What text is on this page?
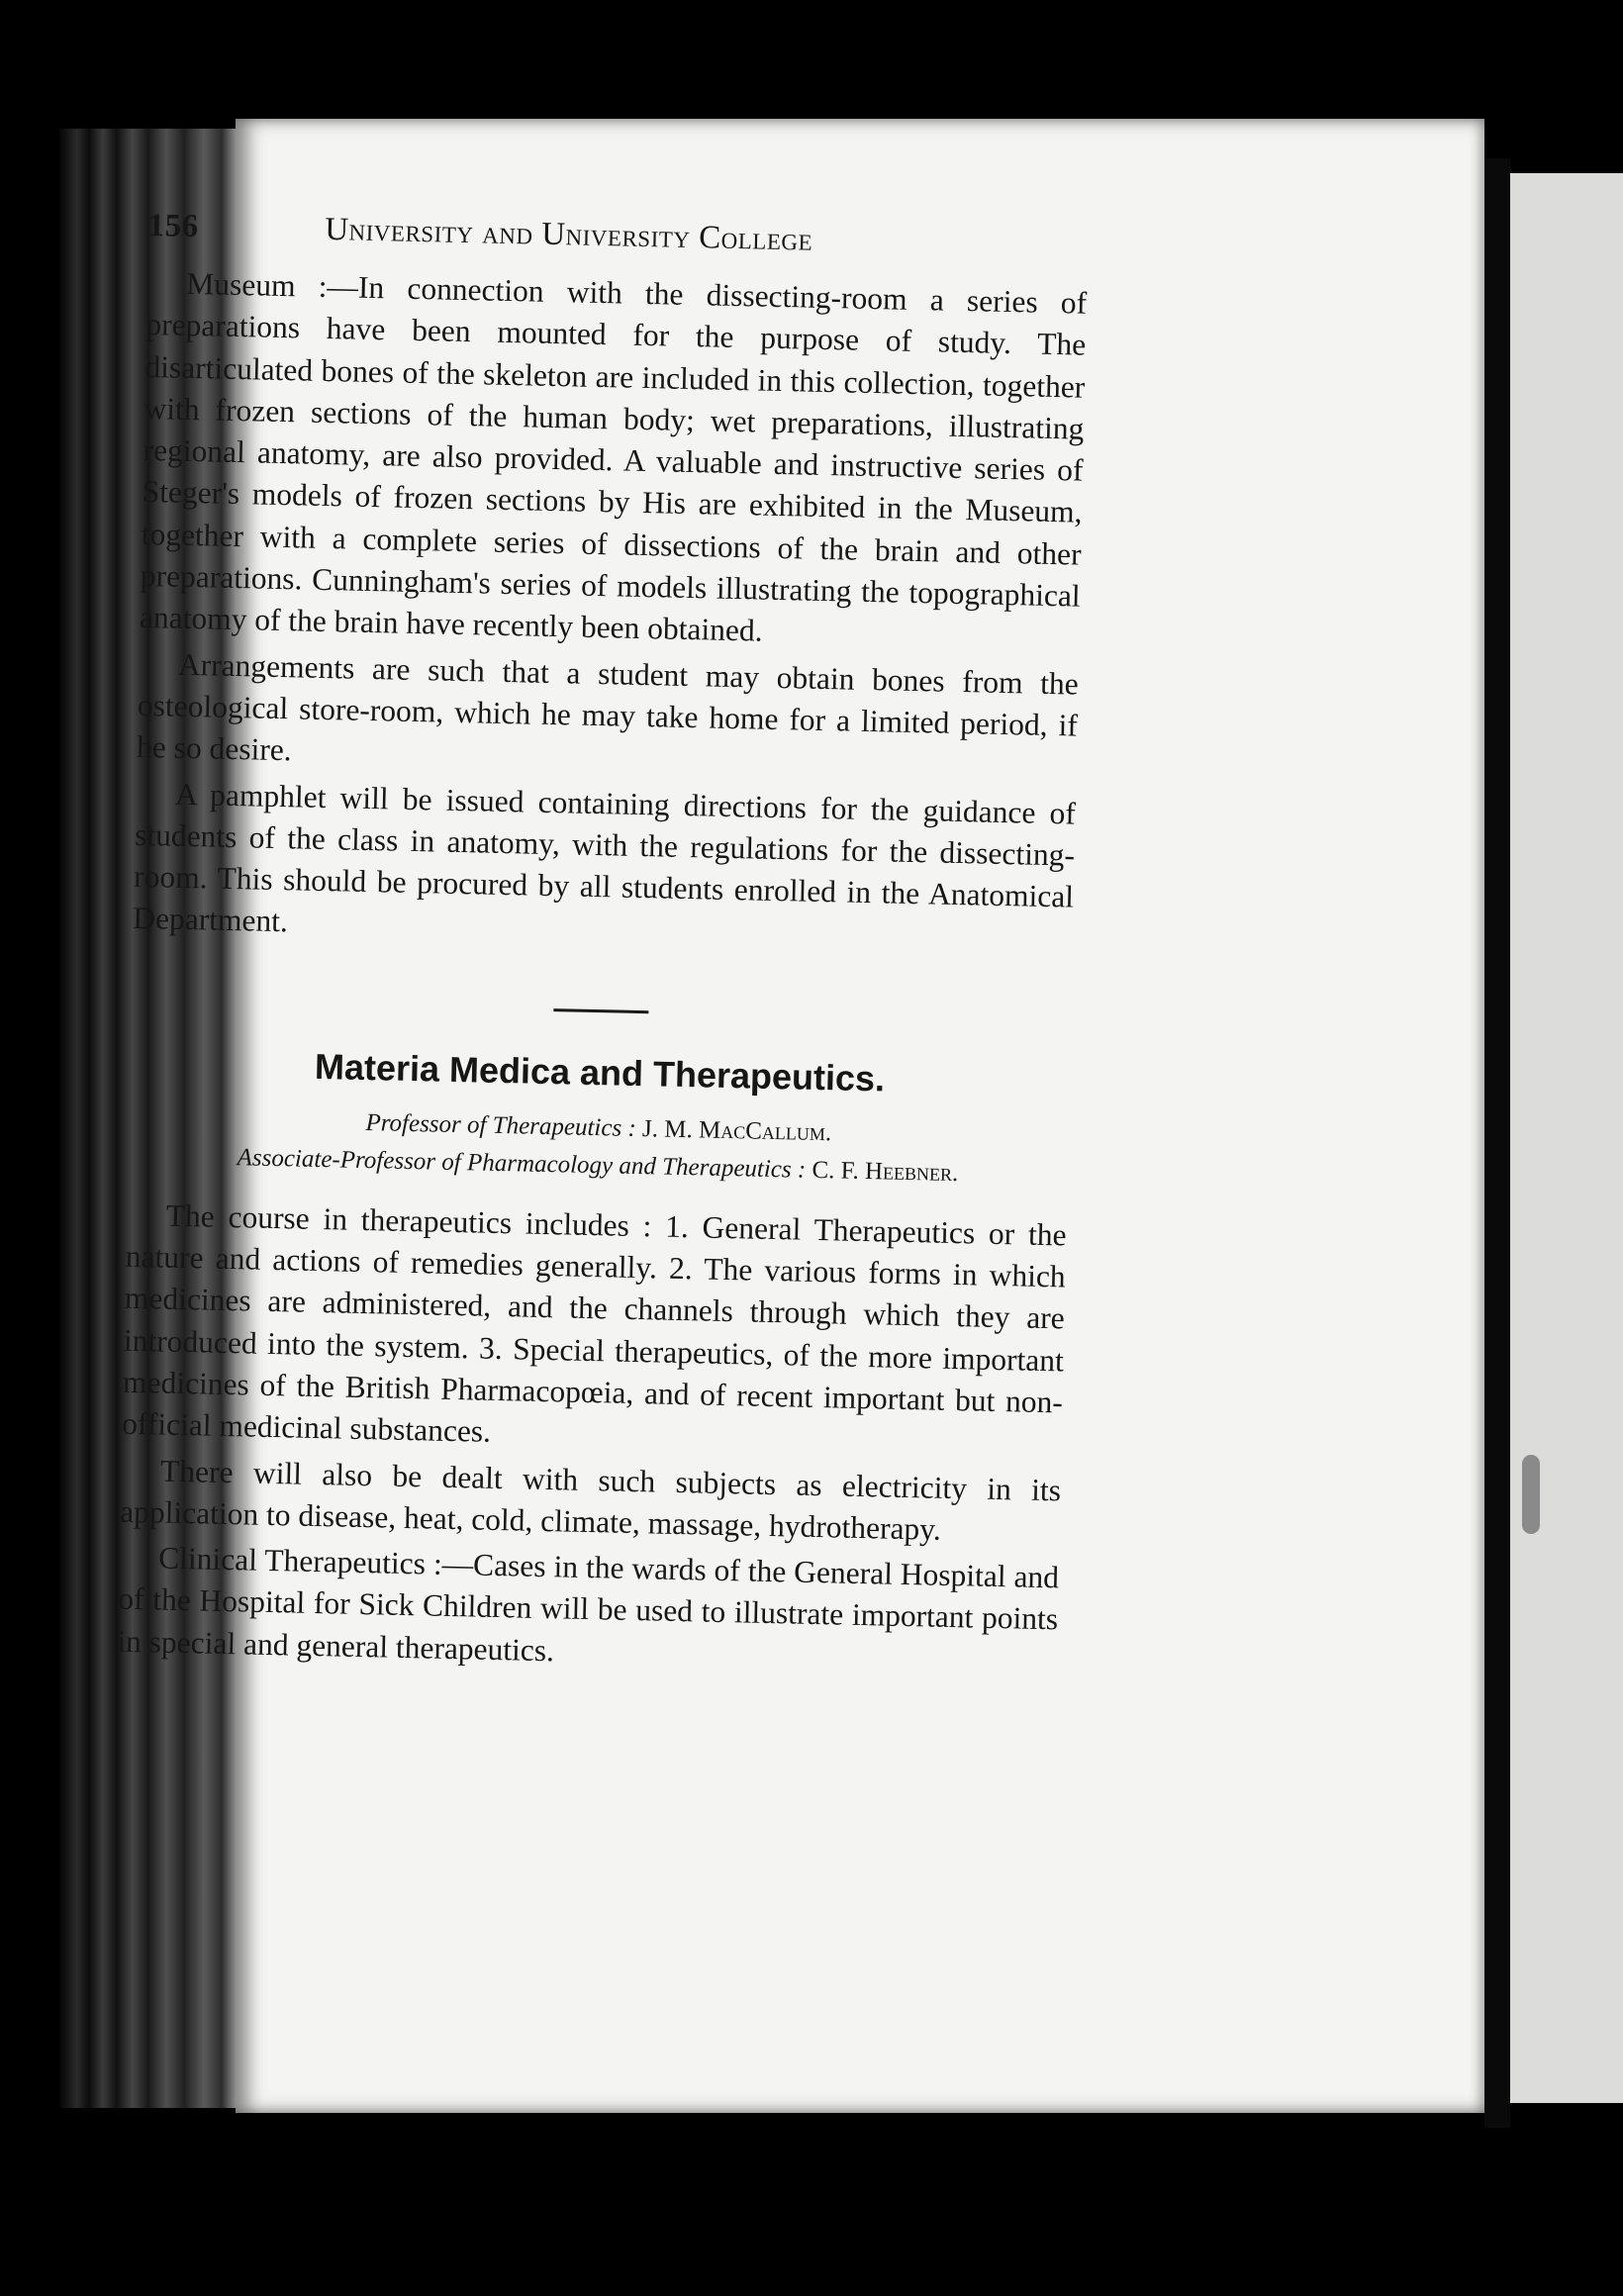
156	University and University College

Museum :—In connection with the dissecting-room a series of preparations have been mounted for the purpose of study. The disarticulated bones of the skeleton are included in this collection, together with frozen sections of the human body; wet preparations, illustrating regional anatomy, are also provided. A valuable and instructive series of Steger's models of frozen sections by His are exhibited in the Museum, together with a complete series of dissections of the brain and other preparations. Cunningham's series of models illustrating the topographical anatomy of the brain have recently been obtained.

Arrangements are such that a student may obtain bones from the osteological store-room, which he may take home for a limited period, if he so desire.

A pamphlet will be issued containing directions for the guidance of students of the class in anatomy, with the regulations for the dissecting-room. This should be procured by all students enrolled in the Anatomical Department.

Materia Medica and Therapeutics.
Professor of Therapeutics : J. M. MacCallum.
Associate-Professor of Pharmacology and Therapeutics : C. F. Heebner.

The course in therapeutics includes : 1. General Therapeutics or the nature and actions of remedies generally. 2. The various forms in which medicines are administered, and the channels through which they are introduced into the system. 3. Special therapeutics, of the more important medicines of the British Pharmacopœia, and of recent important but non-official medicinal substances.

There will also be dealt with such subjects as electricity in its application to disease, heat, cold, climate, massage, hydrotherapy.

Clinical Therapeutics :—Cases in the wards of the General Hospital and of the Hospital for Sick Children will be used to illustrate important points in special and general therapeutics.
